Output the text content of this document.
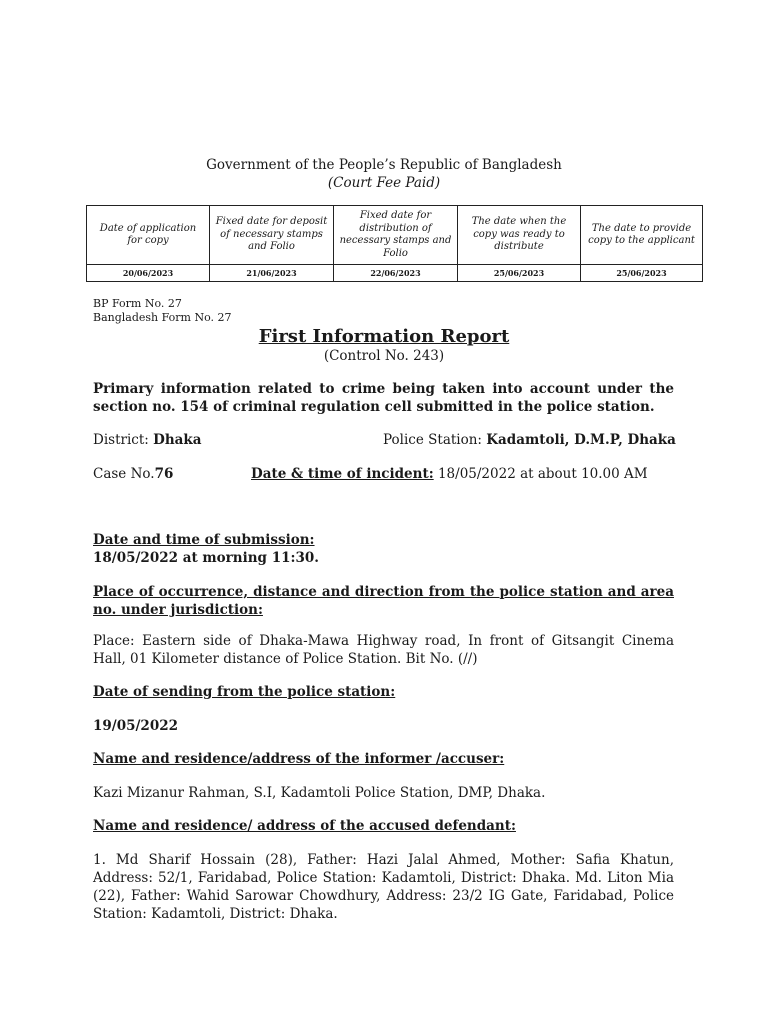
Government of the People’s Republic of Bangladesh
(Court Fee Paid)
Date of application for copy	Fixed date for deposit of necessary stamps and Folio	Fixed date for distribution of necessary stamps and Folio	The date when the copy was ready to distribute	The date to provide copy to the applicant
20/06/2023	21/06/2023	22/06/2023	25/06/2023	25/06/2023
BP Form No. 27
Bangladesh Form No. 27
First Information Report
(Control No. 243)
Primary information related to crime being taken into account under the section no. 154 of criminal regulation cell submitted in the police station.
District: Dhaka	Police Station: Kadamtoli, D.M.P, Dhaka
Case No.76	Date & time of incident: 18/05/2022 at about 10.00 AM
Date and time of submission:
18/05/2022 at morning 11:30.
Place of occurrence, distance and direction from the police station and area no. under jurisdiction:
Place: Eastern side of Dhaka-Mawa Highway road, In front of Gitsangit Cinema Hall, 01 Kilometer distance of Police Station. Bit No. (//)
Date of sending from the police station:
19/05/2022
Name and residence/address of the informer /accuser:
Kazi Mizanur Rahman, S.I, Kadamtoli Police Station, DMP, Dhaka.
Name and residence/ address of the accused defendant:
1. Md Sharif Hossain (28), Father: Hazi Jalal Ahmed, Mother: Safia Khatun, Address: 52/1, Faridabad, Police Station: Kadamtoli, District: Dhaka. Md. Liton Mia (22), Father: Wahid Sarowar Chowdhury, Address: 23/2 IG Gate, Faridabad, Police Station: Kadamtoli, District: Dhaka.
